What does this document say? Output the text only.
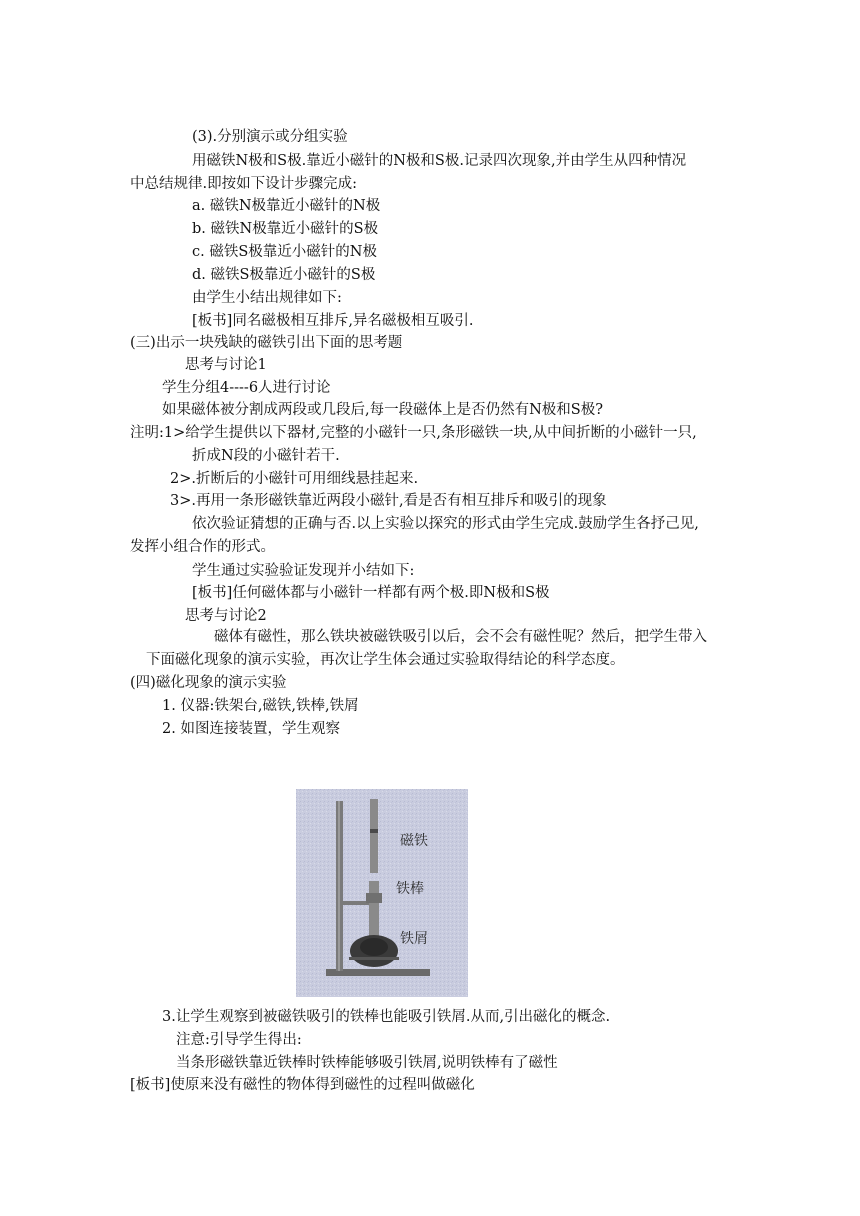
(3).分别演示或分组实验
用磁铁N极和S极.靠近小磁针的N极和S极.记录四次现象,并由学生从四种情况
中总结规律.即按如下设计步骤完成:
a. 磁铁N极靠近小磁针的N极
b. 磁铁N极靠近小磁针的S极
c. 磁铁S极靠近小磁针的N极
d. 磁铁S极靠近小磁针的S极
由学生小结出规律如下:
[板书]同名磁极相互排斥,异名磁极相互吸引.
(三)出示一块残缺的磁铁引出下面的思考题
思考与讨论1
学生分组4----6人进行讨论
如果磁体被分割成两段或几段后,每一段磁体上是否仍然有N极和S极?
注明:1>给学生提供以下器材,完整的小磁针一只,条形磁铁一块,从中间折断的小磁针一只,
折成N段的小磁针若干.
2>.折断后的小磁针可用细线悬挂起来.
3>.再用一条形磁铁靠近两段小磁针,看是否有相互排斥和吸引的现象
依次验证猜想的正确与否.以上实验以探究的形式由学生完成.鼓励学生各抒己见,
发挥小组合作的形式。
学生通过实验验证发现并小结如下:
[板书]任何磁体都与小磁针一样都有两个极.即N极和S极
思考与讨论2
磁体有磁性，那么铁块被磁铁吸引以后，会不会有磁性呢？然后，把学生带入
下面磁化现象的演示实验，再次让学生体会通过实验取得结论的科学态度。
(四)磁化现象的演示实验
1. 仪器:铁架台,磁铁,铁棒,铁屑
2. 如图连接装置，学生观察
磁铁
铁棒
铁屑
3.让学生观察到被磁铁吸引的铁棒也能吸引铁屑.从而,引出磁化的概念.
注意:引导学生得出:
当条形磁铁靠近铁棒时铁棒能够吸引铁屑,说明铁棒有了磁性
[板书]使原来没有磁性的物体得到磁性的过程叫做磁化
